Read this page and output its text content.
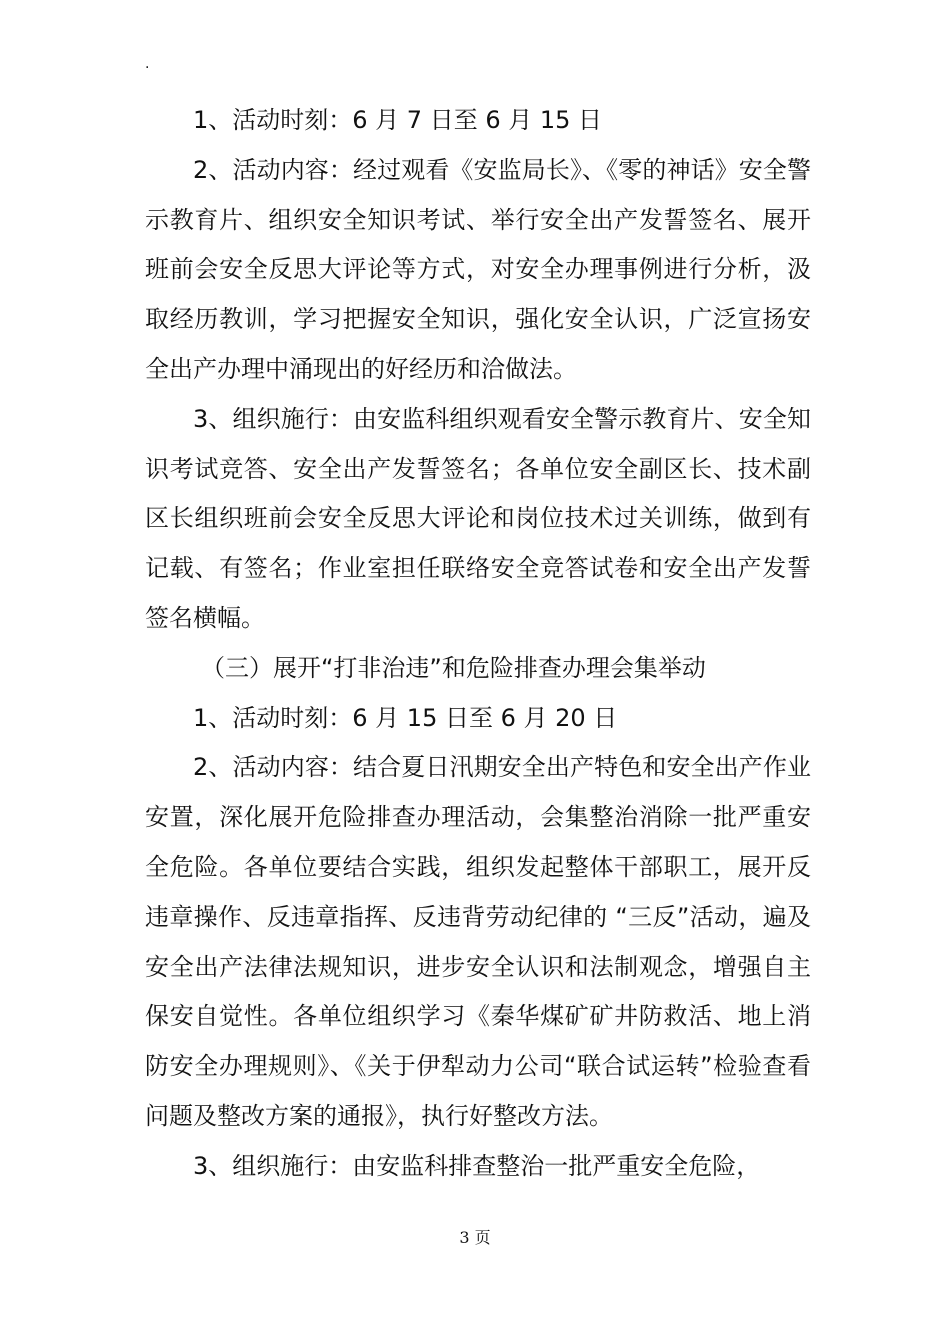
.

1、活动时刻：6 月 7 日至 6 月 15 日

2、活动内容：经过观看《安监局长》、《零的神话》安全警示教育片、组织安全知识考试、举行安全出产发誓签名、展开班前会安全反思大评论等方式，对安全办理事例进行分析，汲取经历教训，学习把握安全知识，强化安全认识，广泛宣扬安全出产办理中涌现出的好经历和洽做法。

3、组织施行：由安监科组织观看安全警示教育片、安全知识考试竞答、安全出产发誓签名；各单位安全副区长、技术副区长组织班前会安全反思大评论和岗位技术过关训练，做到有记载、有签名；作业室担任联络安全竞答试卷和安全出产发誓签名横幅。

（三）展开“打非治违”和危险排查办理会集举动

1、活动时刻：6 月 15 日至 6 月 20 日

2、活动内容：结合夏日汛期安全出产特色和安全出产作业安置，深化展开危险排查办理活动，会集整治消除一批严重安全危险。各单位要结合实践，组织发起整体干部职工，展开反违章操作、反违章指挥、反违背劳动纪律的 “三反”活动，遍及安全出产法律法规知识，进步安全认识和法制观念，增强自主保安自觉性。各单位组织学习《秦华煤矿矿井防救活、地上消防安全办理规则》、《关于伊犁动力公司“联合试运转”检验查看问题及整改方案的通报》，执行好整改方法。

3、组织施行：由安监科排查整治一批严重安全危险，

3 页
